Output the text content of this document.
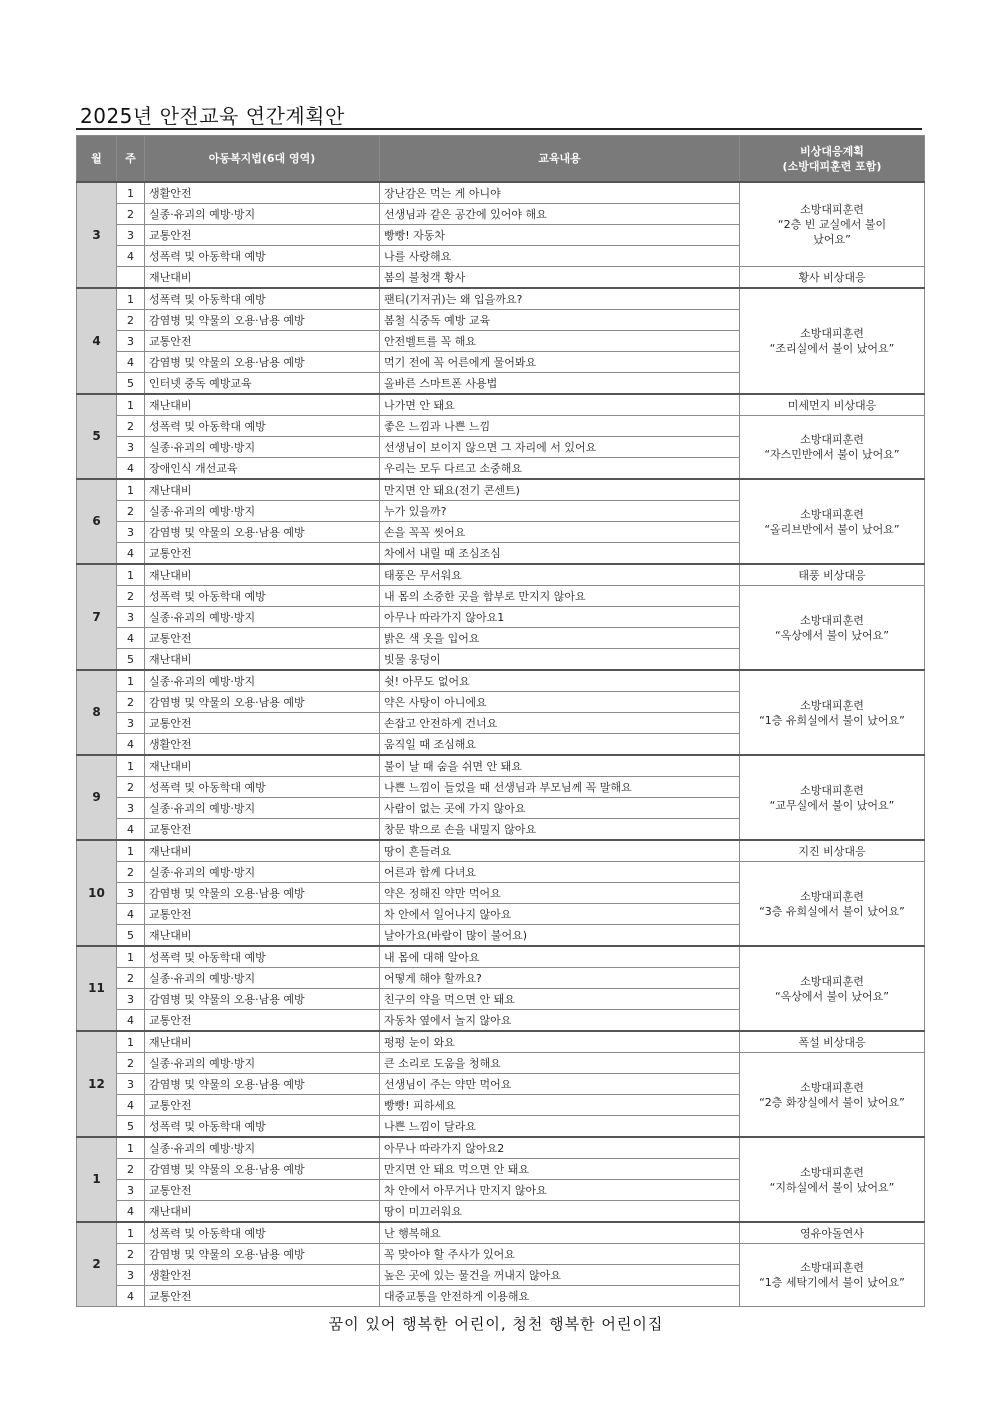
2025년 안전교육 연간계획안
월	주	아동복지법(6대 영역)	교육내용	비상대응계획
(소방대피훈련 포함)
3	1	생활안전	장난감은 먹는 게 아니야	소방대피훈련
“2층 빈 교실에서 불이
났어요”
	2	실종·유괴의 예방·방지	선생님과 같은 공간에 있어야 해요	
	3	교통안전	빵빵! 자동차	
	4	성폭력 및 아동학대 예방	나를 사랑해요	
		재난대비	봄의 불청객 황사	황사 비상대응
4	1	성폭력 및 아동학대 예방	팬티(기저귀)는 왜 입을까요?	소방대피훈련
“조리실에서 불이 났어요”
	2	감염병 및 약물의 오용·남용 예방	봄철 식중독 예방 교육	
	3	교통안전	안전벨트를 꼭 해요	
	4	감염병 및 약물의 오용·남용 예방	먹기 전에 꼭 어른에게 물어봐요	
	5	인터넷 중독 예방교육	올바른 스마트폰 사용법	
5	1	재난대비	나가면 안 돼요	미세먼지 비상대응
	2	성폭력 및 아동학대 예방	좋은 느낌과 나쁜 느낌	소방대피훈련
“자스민반에서 불이 났어요”
	3	실종·유괴의 예방·방지	선생님이 보이지 않으면 그 자리에 서 있어요	
	4	장애인식 개선교육	우리는 모두 다르고 소중해요	
6	1	재난대비	만지면 안 돼요(전기 콘센트)	소방대피훈련
“올리브반에서 불이 났어요”
	2	실종·유괴의 예방·방지	누가 있을까?	
	3	감염병 및 약물의 오용·남용 예방	손을 꼭꼭 씻어요	
	4	교통안전	차에서 내릴 때 조심조심	
7	1	재난대비	태풍은 무서워요	태풍 비상대응
	2	성폭력 및 아동학대 예방	내 몸의 소중한 곳을 함부로 만지지 않아요	소방대피훈련
“옥상에서 불이 났어요”
	3	실종·유괴의 예방·방지	아무나 따라가지 않아요1	
	4	교통안전	밝은 색 옷을 입어요	
	5	재난대비	빗물 웅덩이	
8	1	실종·유괴의 예방·방지	쉿! 아무도 없어요	소방대피훈련
“1층 유희실에서 불이 났어요”
	2	감염병 및 약물의 오용·남용 예방	약은 사탕이 아니에요	
	3	교통안전	손잡고 안전하게 건너요	
	4	생활안전	움직일 때 조심해요	
9	1	재난대비	불이 날 때 숨을 쉬면 안 돼요	소방대피훈련
“교무실에서 불이 났어요”
	2	성폭력 및 아동학대 예방	나쁜 느낌이 들었을 때 선생님과 부모님께 꼭 말해요	
	3	실종·유괴의 예방·방지	사람이 없는 곳에 가지 않아요	
	4	교통안전	창문 밖으로 손을 내밀지 않아요	
10	1	재난대비	땅이 흔들려요	지진 비상대응
	2	실종·유괴의 예방·방지	어른과 함께 다녀요	소방대피훈련
“3층 유희실에서 불이 났어요”
	3	감염병 및 약물의 오용·남용 예방	약은 정해진 약만 먹어요	
	4	교통안전	차 안에서 일어나지 않아요	
	5	재난대비	날아가요(바람이 많이 불어요)	
11	1	성폭력 및 아동학대 예방	내 몸에 대해 알아요	소방대피훈련
“옥상에서 불이 났어요”
	2	실종·유괴의 예방·방지	어떻게 해야 할까요?	
	3	감염병 및 약물의 오용·남용 예방	친구의 약을 먹으면 안 돼요	
	4	교통안전	자동차 옆에서 놀지 않아요	
12	1	재난대비	펑펑 눈이 와요	폭설 비상대응
	2	실종·유괴의 예방·방지	큰 소리로 도움을 청해요	소방대피훈련
“2층 화장실에서 불이 났어요”
	3	감염병 및 약물의 오용·남용 예방	선생님이 주는 약만 먹어요	
	4	교통안전	빵빵! 피하세요	
	5	성폭력 및 아동학대 예방	나쁜 느낌이 달라요	
1	1	실종·유괴의 예방·방지	아무나 따라가지 않아요2	소방대피훈련
“지하실에서 불이 났어요”
	2	감염병 및 약물의 오용·남용 예방	만지면 안 돼요 먹으면 안 돼요	
	3	교통안전	차 안에서 아무거나 만지지 않아요	
	4	재난대비	땅이 미끄러워요	
2	1	성폭력 및 아동학대 예방	난 행복해요	영유아돌연사
	2	감염병 및 약물의 오용·남용 예방	꼭 맞아야 할 주사가 있어요	소방대피훈련
“1층 세탁기에서 불이 났어요”
	3	생활안전	높은 곳에 있는 물건을 꺼내지 않아요	
	4	교통안전	대중교통을 안전하게 이용해요	
꿈이 있어 행복한 어린이, 청천 행복한 어린이집
